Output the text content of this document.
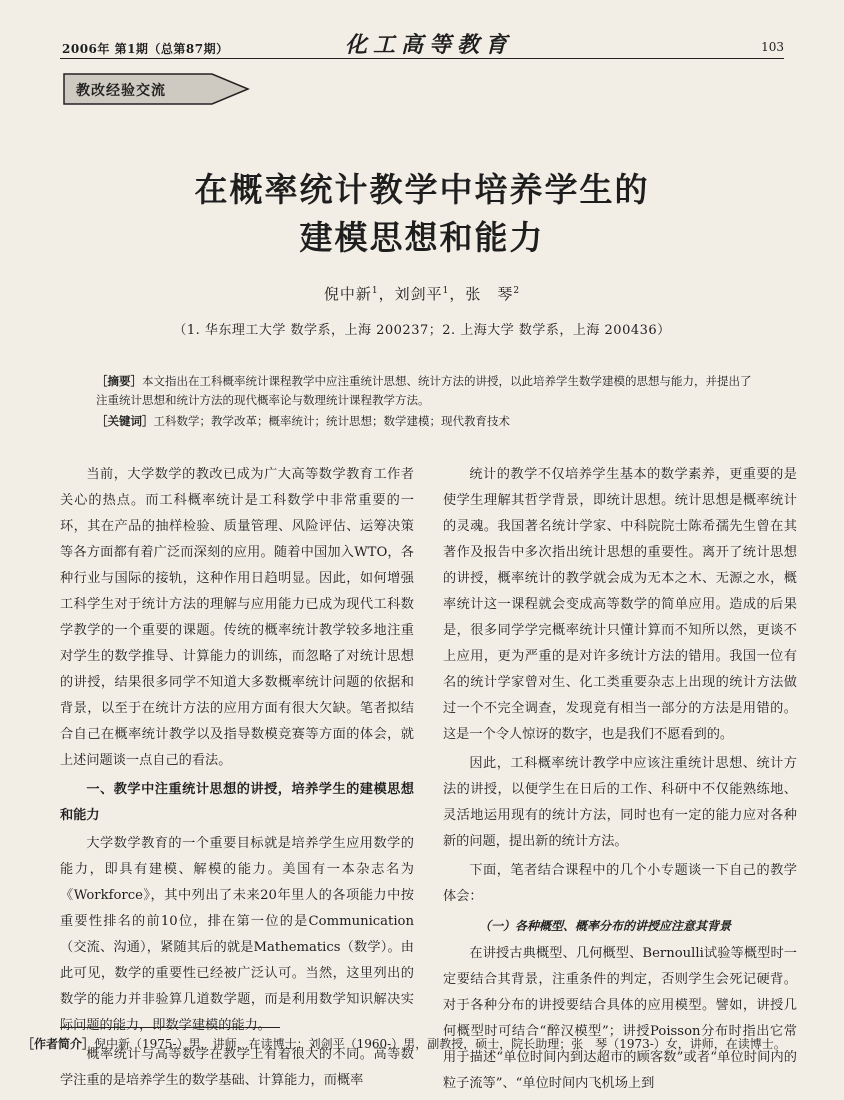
2006年 第1期（总第87期）	化工高等教育	103
教改经验交流
在概率统计教学中培养学生的
建模思想和能力
倪中新$^1$，刘剑平$^1$，张　琴$^2$
（1. 华东理工大学 数学系，上海 200237；2. 上海大学 数学系，上海 200436）
［摘要］本文指出在工科概率统计课程教学中应注重统计思想、统计方法的讲授，以此培养学生数学建模的思想与能力，并提出了注重统计思想和统计方法的现代概率论与数理统计课程教学方法。
［关键词］工科数学；教学改革；概率统计；统计思想；数学建模；现代教育技术

当前，大学数学的教改已成为广大高等数学教育工作者关心的热点。而工科概率统计是工科数学中非常重要的一环，其在产品的抽样检验、质量管理、风险评估、运筹决策等各方面都有着广泛而深刻的应用。随着中国加入WTO，各种行业与国际的接轨，这种作用日趋明显。因此，如何增强工科学生对于统计方法的理解与应用能力已成为现代工科数学教学的一个重要的课题。传统的概率统计教学较多地注重对学生的数学推导、计算能力的训练，而忽略了对统计思想的讲授，结果很多同学不知道大多数概率统计问题的依据和背景，以至于在统计方法的应用方面有很大欠缺。笔者拟结合自己在概率统计教学以及指导数模竞赛等方面的体会，就上述问题谈一点自己的看法。

一、教学中注重统计思想的讲授，培养学生的建模思想和能力

大学数学教育的一个重要目标就是培养学生应用数学的能力，即具有建模、解模的能力。美国有一本杂志名为《Workforce》，其中列出了未来20年里人的各项能力中按重要性排名的前10位，排在第一位的是Communication（交流、沟通），紧随其后的就是Mathematics（数学）。由此可见，数学的重要性已经被广泛认可。当然，这里列出的数学的能力并非验算几道数学题，而是利用数学知识解决实际问题的能力，即数学建模的能力。

概率统计与高等数学在教学上有着很大的不同。高等数学注重的是培养学生的数学基础、计算能力，而概率

统计的教学不仅培养学生基本的数学素养，更重要的是使学生理解其哲学背景，即统计思想。统计思想是概率统计的灵魂。我国著名统计学家、中科院院士陈希孺先生曾在其著作及报告中多次指出统计思想的重要性。离开了统计思想的讲授，概率统计的教学就会成为无本之木、无源之水，概率统计这一课程就会变成高等数学的简单应用。造成的后果是，很多同学学完概率统计只懂计算而不知所以然，更谈不上应用，更为严重的是对许多统计方法的错用。我国一位有名的统计学家曾对生、化工类重要杂志上出现的统计方法做过一个不完全调查，发现竟有相当一部分的方法是用错的。这是一个令人惊讶的数字，也是我们不愿看到的。

因此，工科概率统计教学中应该注重统计思想、统计方法的讲授，以便学生在日后的工作、科研中不仅能熟练地、灵活地运用现有的统计方法，同时也有一定的能力应对各种新的问题，提出新的统计方法。

下面，笔者结合课程中的几个小专题谈一下自己的教学体会：

（一）各种概型、概率分布的讲授应注意其背景

在讲授古典概型、几何概型、Bernoulli试验等概型时一定要结合其背景，注重条件的判定，否则学生会死记硬背。对于各种分布的讲授要结合具体的应用模型。譬如，讲授几何概型时可结合“醉汉模型”；讲授Poisson分布时指出它常用于描述“单位时间内到达超市的顾客数”或者“单位时间内的粒子流等”、“单位时间内飞机场上到

［作者简介］倪中新（1975-）男，讲师，在读博士；刘剑平（1960-）男，副教授，硕士，院长助理；张　琴（1973-）女，讲师，在读博士。
